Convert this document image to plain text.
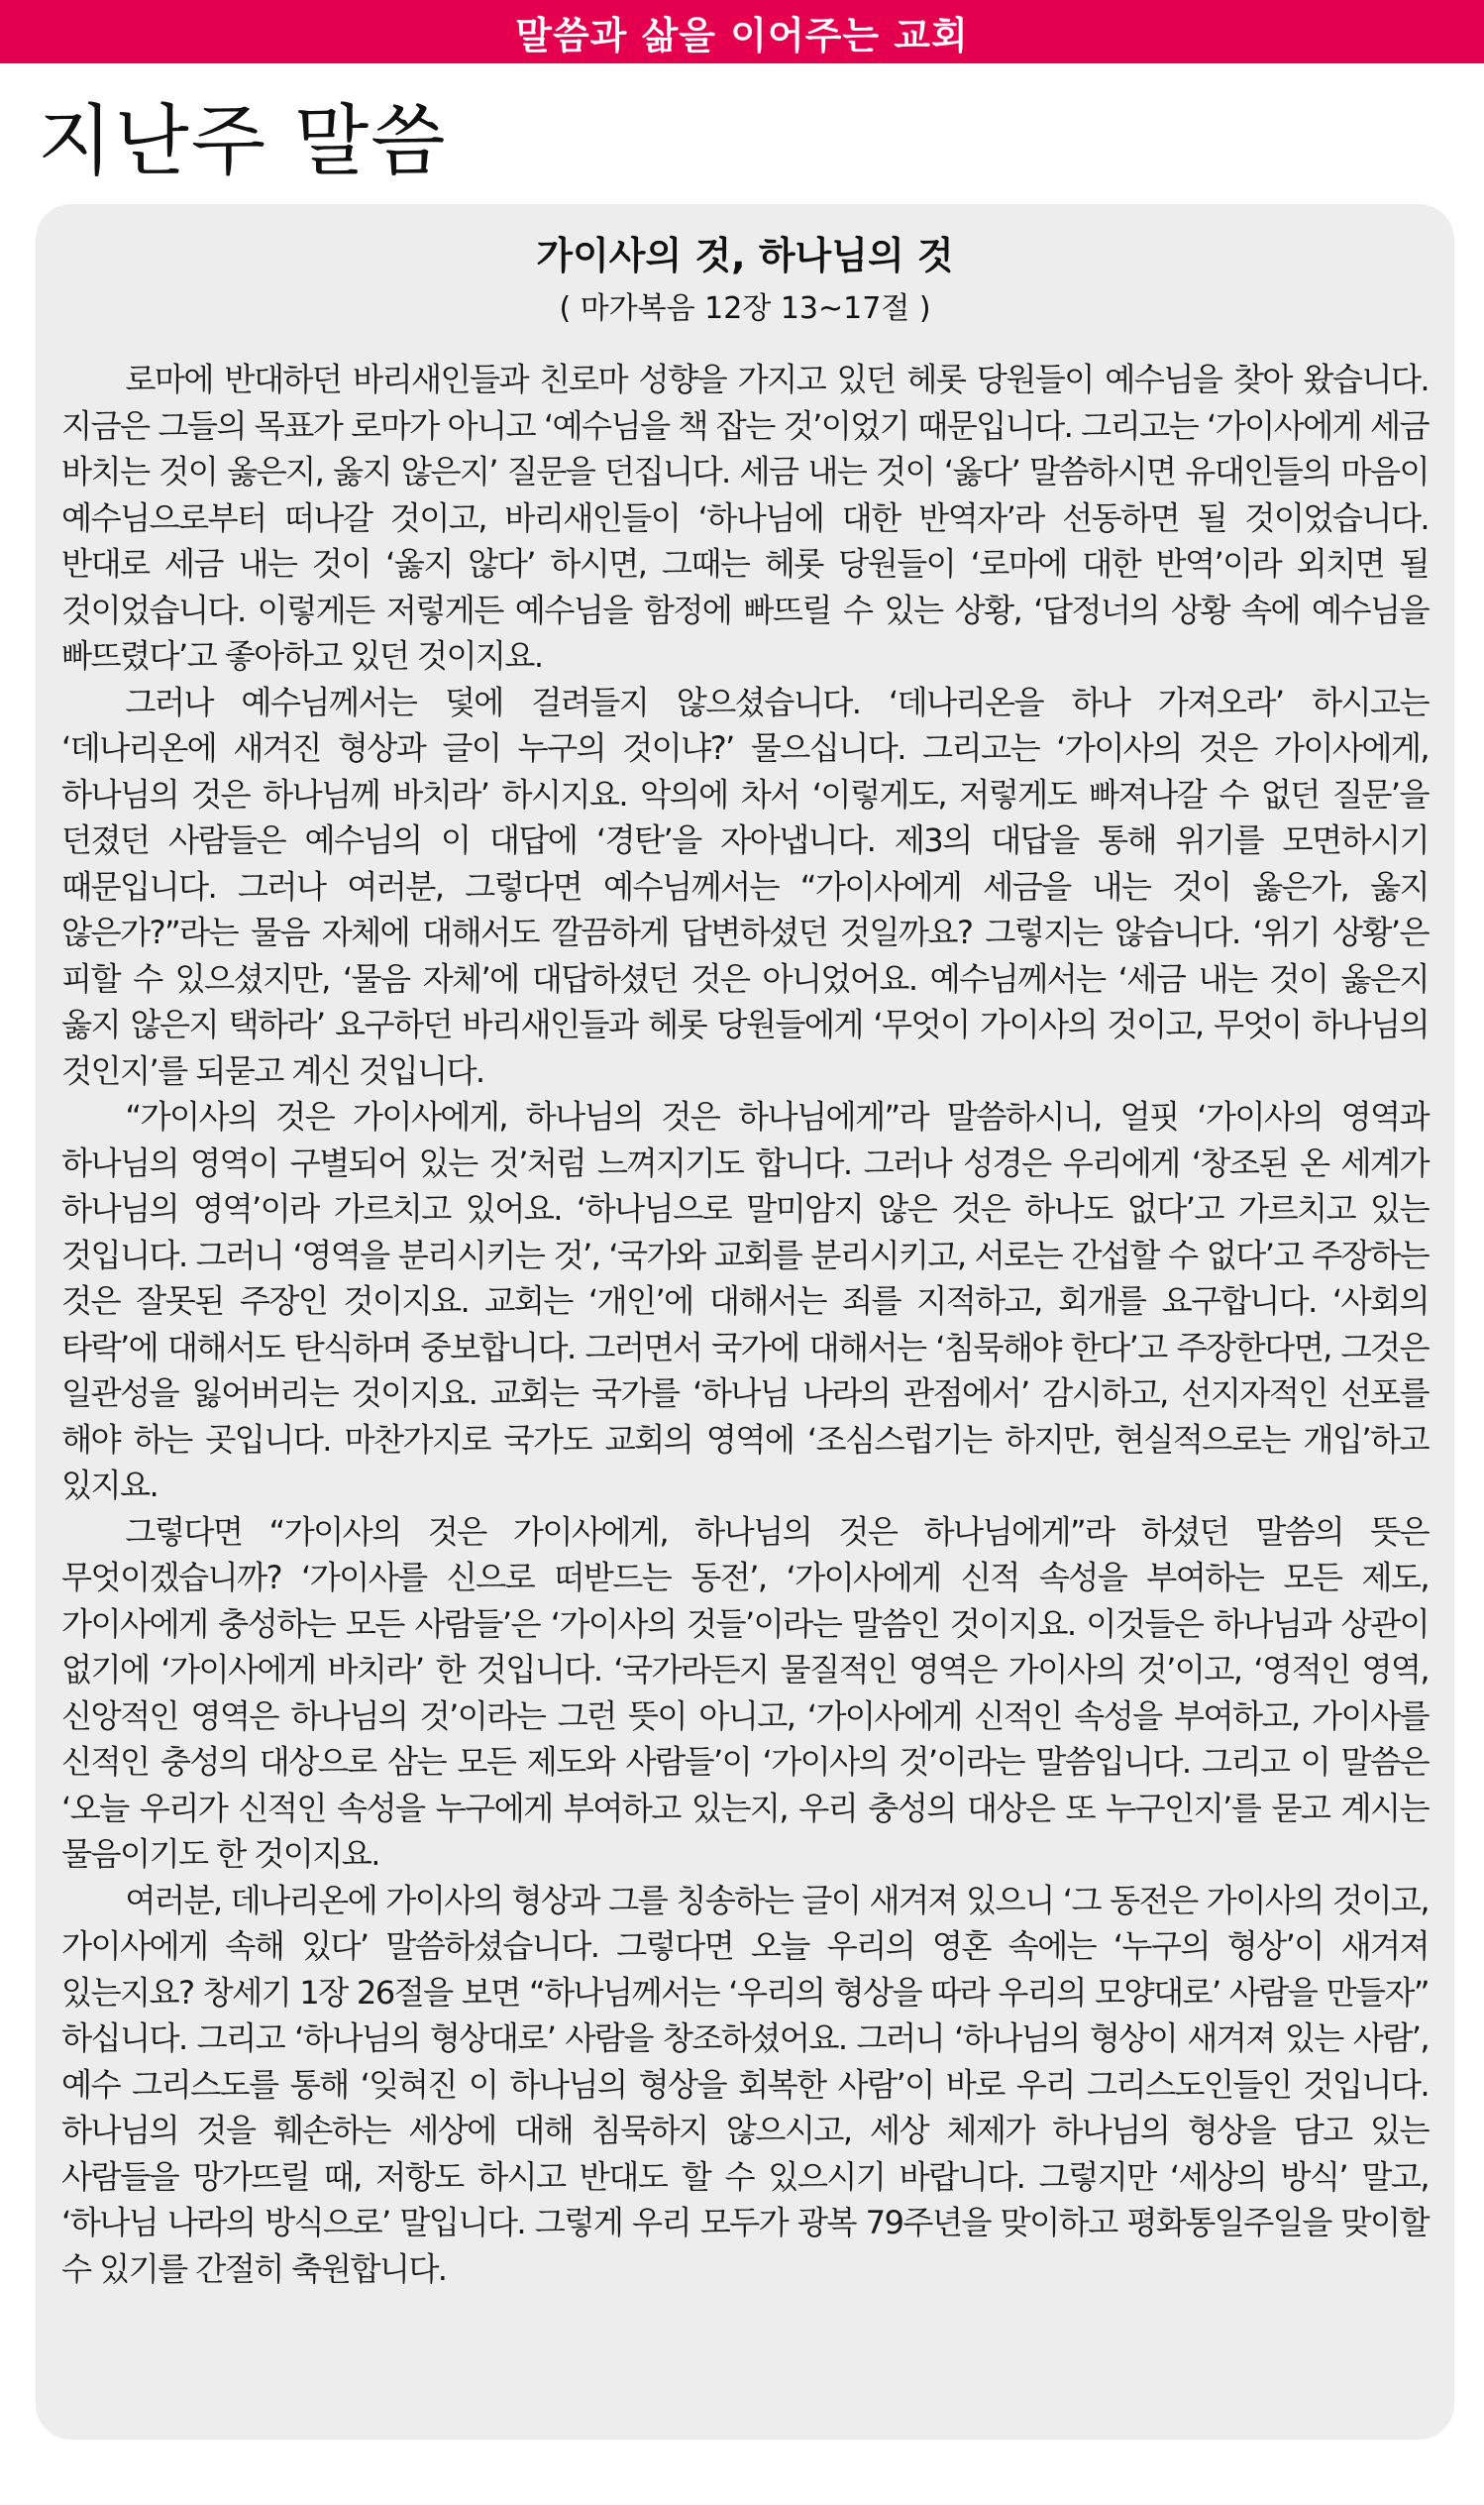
말씀과 삶을 이어주는 교회
지난주 말씀
가이사의 것, 하나님의 것

( 마가복음 12장 13~17절 )

로마에 반대하던 바리새인들과 친로마 성향을 가지고 있던 헤롯 당원들이 예수님을 찾아 왔습니다. 지금은 그들의 목표가 로마가 아니고 ‘예수님을 책 잡는 것’이었기 때문입니다. 그리고는 ‘가이사에게 세금 바치는 것이 옳은지, 옳지 않은지’ 질문을 던집니다. 세금 내는 것이 ‘옳다’ 말씀하시면 유대인들의 마음이 예수님으로부터 떠나갈 것이고, 바리새인들이 ‘하나님에 대한 반역자’라 선동하면 될 것이었습니다. 반대로 세금 내는 것이 ‘옳지 않다’ 하시면, 그때는 헤롯 당원들이 ‘로마에 대한 반역’이라 외치면 될 것이었습니다. 이렇게든 저렇게든 예수님을 함정에 빠뜨릴 수 있는 상황, ‘답정너의 상황 속에 예수님을 빠뜨렸다’고 좋아하고 있던 것이지요.

그러나 예수님께서는 덫에 걸려들지 않으셨습니다. ‘데나리온을 하나 가져오라’ 하시고는 ‘데나리온에 새겨진 형상과 글이 누구의 것이냐?’ 물으십니다. 그리고는 ‘가이사의 것은 가이사에게, 하나님의 것은 하나님께 바치라’ 하시지요. 악의에 차서 ‘이렇게도, 저렇게도 빠져나갈 수 없던 질문’을 던졌던 사람들은 예수님의 이 대답에 ‘경탄’을 자아냅니다. 제3의 대답을 통해 위기를 모면하시기 때문입니다. 그러나 여러분, 그렇다면 예수님께서는 “가이사에게 세금을 내는 것이 옳은가, 옳지 않은가?”라는 물음 자체에 대해서도 깔끔하게 답변하셨던 것일까요? 그렇지는 않습니다. ‘위기 상황’은 피할 수 있으셨지만, ‘물음 자체’에 대답하셨던 것은 아니었어요. 예수님께서는 ‘세금 내는 것이 옳은지 옳지 않은지 택하라’ 요구하던 바리새인들과 헤롯 당원들에게 ‘무엇이 가이사의 것이고, 무엇이 하나님의 것인지’를 되묻고 계신 것입니다.

“가이사의 것은 가이사에게, 하나님의 것은 하나님에게”라 말씀하시니, 얼핏 ‘가이사의 영역과 하나님의 영역이 구별되어 있는 것’처럼 느껴지기도 합니다. 그러나 성경은 우리에게 ‘창조된 온 세계가 하나님의 영역’이라 가르치고 있어요. ‘하나님으로 말미암지 않은 것은 하나도 없다’고 가르치고 있는 것입니다. 그러니 ‘영역을 분리시키는 것’, ‘국가와 교회를 분리시키고, 서로는 간섭할 수 없다’고 주장하는 것은 잘못된 주장인 것이지요. 교회는 ‘개인’에 대해서는 죄를 지적하고, 회개를 요구합니다. ‘사회의 타락’에 대해서도 탄식하며 중보합니다. 그러면서 국가에 대해서는 ‘침묵해야 한다’고 주장한다면, 그것은 일관성을 잃어버리는 것이지요. 교회는 국가를 ‘하나님 나라의 관점에서’ 감시하고, 선지자적인 선포를 해야 하는 곳입니다. 마찬가지로 국가도 교회의 영역에 ‘조심스럽기는 하지만, 현실적으로는 개입’하고 있지요.

그렇다면 “가이사의 것은 가이사에게, 하나님의 것은 하나님에게”라 하셨던 말씀의 뜻은 무엇이겠습니까? ‘가이사를 신으로 떠받드는 동전’, ‘가이사에게 신적 속성을 부여하는 모든 제도, 가이사에게 충성하는 모든 사람들’은 ‘가이사의 것들’이라는 말씀인 것이지요. 이것들은 하나님과 상관이 없기에 ‘가이사에게 바치라’ 한 것입니다. ‘국가라든지 물질적인 영역은 가이사의 것’이고, ‘영적인 영역, 신앙적인 영역은 하나님의 것’이라는 그런 뜻이 아니고, ‘가이사에게 신적인 속성을 부여하고, 가이사를 신적인 충성의 대상으로 삼는 모든 제도와 사람들’이 ‘가이사의 것’이라는 말씀입니다. 그리고 이 말씀은 ‘오늘 우리가 신적인 속성을 누구에게 부여하고 있는지, 우리 충성의 대상은 또 누구인지’를 묻고 계시는 물음이기도 한 것이지요.

여러분, 데나리온에 가이사의 형상과 그를 칭송하는 글이 새겨져 있으니 ‘그 동전은 가이사의 것이고, 가이사에게 속해 있다’ 말씀하셨습니다. 그렇다면 오늘 우리의 영혼 속에는 ‘누구의 형상’이 새겨져 있는지요? 창세기 1장 26절을 보면 “하나님께서는 ‘우리의 형상을 따라 우리의 모양대로’ 사람을 만들자” 하십니다. 그리고 ‘하나님의 형상대로’ 사람을 창조하셨어요. 그러니 ‘하나님의 형상이 새겨져 있는 사람’, 예수 그리스도를 통해 ‘잊혀진 이 하나님의 형상을 회복한 사람’이 바로 우리 그리스도인들인 것입니다. 하나님의 것을 훼손하는 세상에 대해 침묵하지 않으시고, 세상 체제가 하나님의 형상을 담고 있는 사람들을 망가뜨릴 때, 저항도 하시고 반대도 할 수 있으시기 바랍니다. 그렇지만 ‘세상의 방식’ 말고, ‘하나님 나라의 방식으로’ 말입니다. 그렇게 우리 모두가 광복 79주년을 맞이하고 평화통일주일을 맞이할 수 있기를 간절히 축원합니다.
